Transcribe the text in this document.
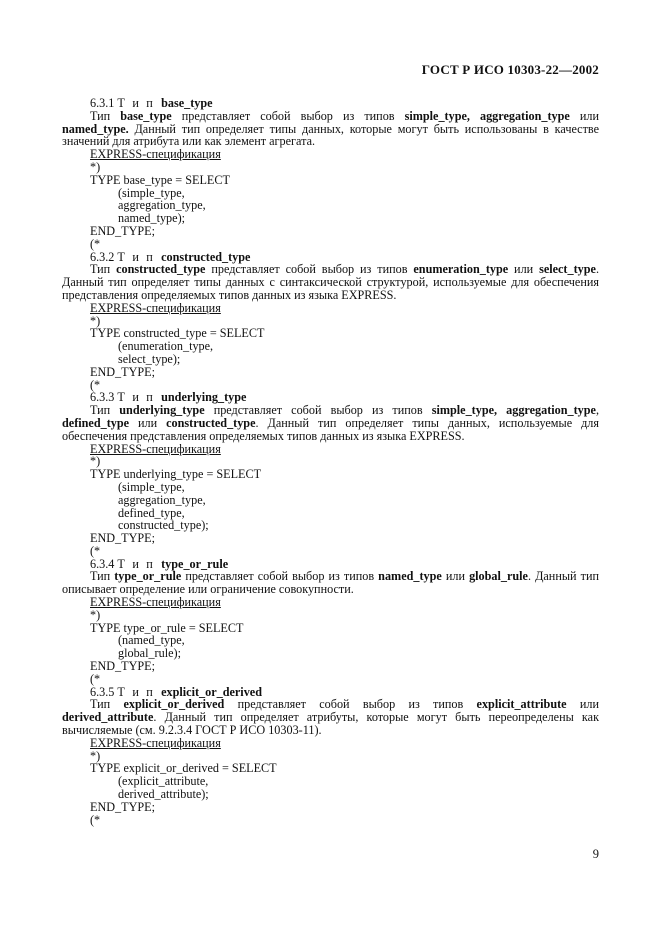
ГОСТ Р ИСО 10303-22—2002
6.3.1 Т и п base_type
Тип base_type представляет собой выбор из типов simple_type, aggregation_type или named_type. Данный тип определяет типы данных, которые могут быть использованы в качестве значений для атрибута или как элемент агрегата.
EXPRESS-спецификация
*)
TYPE base_type = SELECT
(simple_type,
aggregation_type,
named_type);
END_TYPE;
(*
6.3.2 Т и п constructed_type
Тип constructed_type представляет собой выбор из типов enumeration_type или select_type. Данный тип определяет типы данных с синтаксической структурой, используемые для обеспечения представления определяемых типов данных из языка EXPRESS.
EXPRESS-спецификация
*)
TYPE constructed_type = SELECT
(enumeration_type,
select_type);
END_TYPE;
(*
6.3.3 Т и п underlying_type
Тип underlying_type представляет собой выбор из типов simple_type, aggregation_type, defined_type или constructed_type. Данный тип определяет типы данных, используемые для обеспечения представления определяемых типов данных из языка EXPRESS.
EXPRESS-спецификация
*)
TYPE underlying_type = SELECT
(simple_type,
aggregation_type,
defined_type,
constructed_type);
END_TYPE;
(*
6.3.4 Т и п type_or_rule
Тип type_or_rule представляет собой выбор из типов named_type или global_rule. Данный тип описывает определение или ограничение совокупности.
EXPRESS-спецификация
*)
TYPE type_or_rule = SELECT
(named_type,
global_rule);
END_TYPE;
(*
6.3.5 Т и п explicit_or_derived
Тип explicit_or_derived представляет собой выбор из типов explicit_attribute или derived_attribute. Данный тип определяет атрибуты, которые могут быть переопределены как вычисляемые (см. 9.2.3.4 ГОСТ Р ИСО 10303-11).
EXPRESS-спецификация
*)
TYPE explicit_or_derived = SELECT
(explicit_attribute,
derived_attribute);
END_TYPE;
(*
9
